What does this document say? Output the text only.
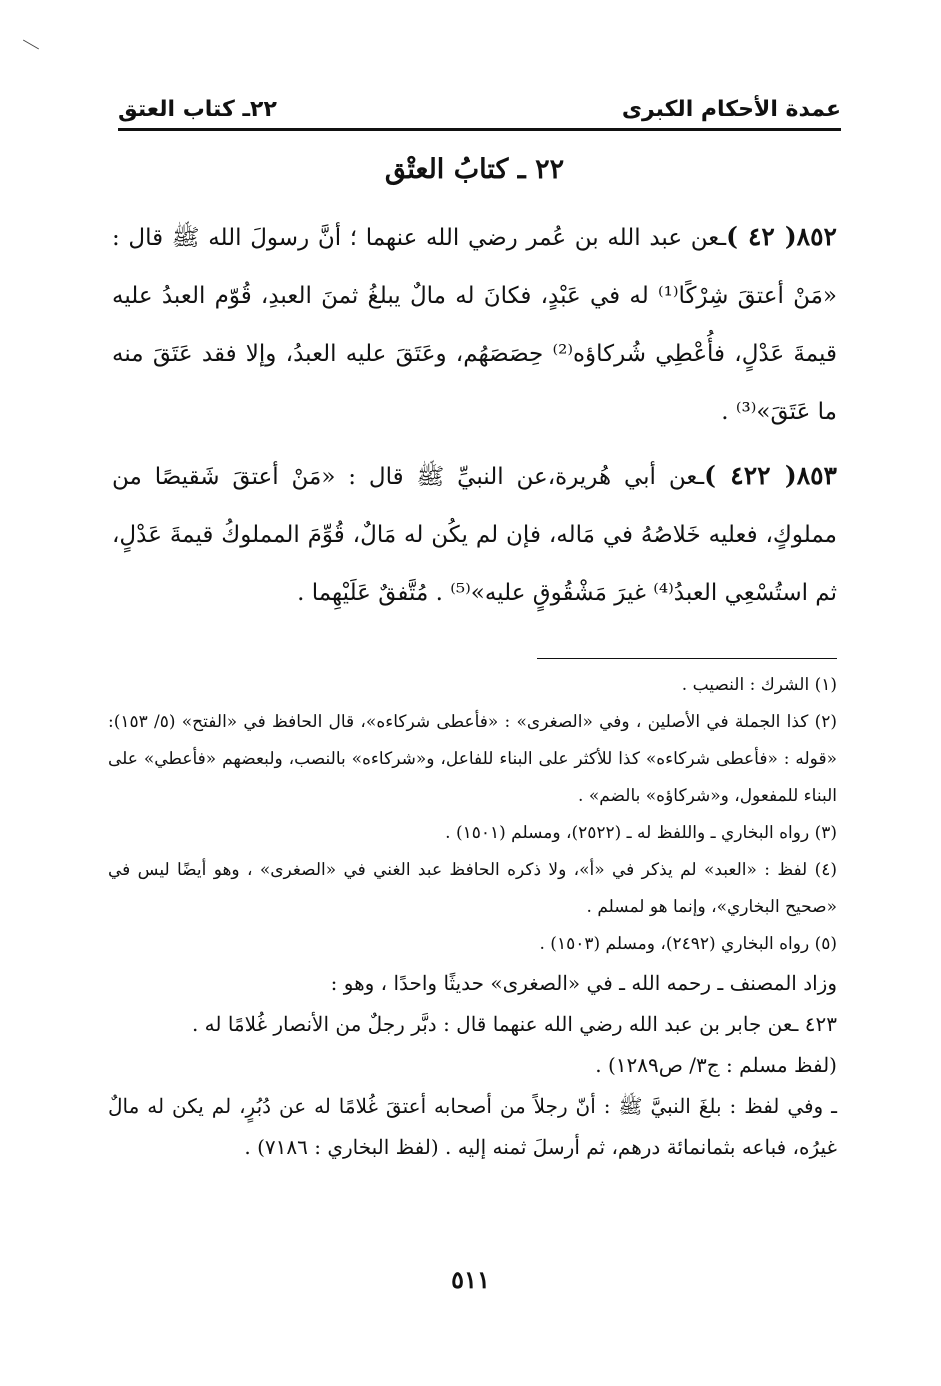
عمدة الأحكام الكبرى
٢٢ـ كتاب العتق
٢٢ ـ كتابُ العتْق

٨٥٢( ٤٢ )ـعن عبد الله بن عُمر رضي الله عنهما ؛ أنَّ رسولَ الله ﷺ قال : «مَنْ أعتقَ شِرْكًا⁽¹⁾ له في عَبْدٍ، فكانَ له مالٌ يبلغُ ثمنَ العبدِ، قُوّم العبدُ عليه قيمةَ عَدْلٍ، فأُعْطِي شُركاؤه⁽²⁾ حِصَصَهُم، وعَتَقَ عليه العبدُ، وإلا فقد عَتَقَ منه ما عَتَقَ»⁽³⁾ .

٨٥٣( ٤٢٢ )ـعن أبي هُريرة،عن النبيِّ ﷺ قال : «مَنْ أعتقَ شَقيصًا من مملوكٍ، فعليه خَلاصُهُ في مَاله، فإن لم يكُن له مَالٌ، قُوِّمَ المملوكُ قيمةَ عَدْلٍ، ثم استُسْعِي العبدُ⁽⁴⁾ غيرَ مَشْقُوقٍ عليه»⁽⁵⁾ . مُتَّفقٌ عَلَيْهِما .

(١) الشرك : النصيب .

(٢) كذا الجملة في الأصلين ، وفي «الصغرى» : «فأعطى شركاءه»، قال الحافظ في «الفتح» (٥/ ١٥٣): «قوله : «فأعطى شركاءه» كذا للأكثر على البناء للفاعل، و«شركاءه» بالنصب، ولبعضهم «فأعطي» على البناء للمفعول، و«شركاؤه» بالضم» .

(٣) رواه البخاري ـ واللفظ له ـ (٢٥٢٢)، ومسلم (١٥٠١) .

(٤) لفظ : «العبد» لم يذكر في «أ»، ولا ذكره الحافظ عبد الغني في «الصغرى» ، وهو أيضًا ليس في «صحيح البخاري»، وإنما هو لمسلم .

(٥) رواه البخاري (٢٤٩٢)، ومسلم (١٥٠٣) .

وزاد المصنف ـ رحمه الله ـ في «الصغرى» حديثًا واحدًا ، وهو :

٤٢٣ ـعن جابر بن عبد الله رضي الله عنهما قال : دبَّر رجلٌ من الأنصار غُلامًا له .

(لفظ مسلم : ج٣/ ص١٢٨٩) .

ـ وفي لفظ : بلغَ النبيَّ ﷺ : أنّ رجلاً من أصحابه أعتقَ غُلامًا له عن دُبُرٍ، لم يكن له مالٌ غيرُه، فباعه بثمانمائة درهم، ثم أرسلَ ثمنه إليه . (لفظ البخاري : ٧١٨٦) .

٥١١
